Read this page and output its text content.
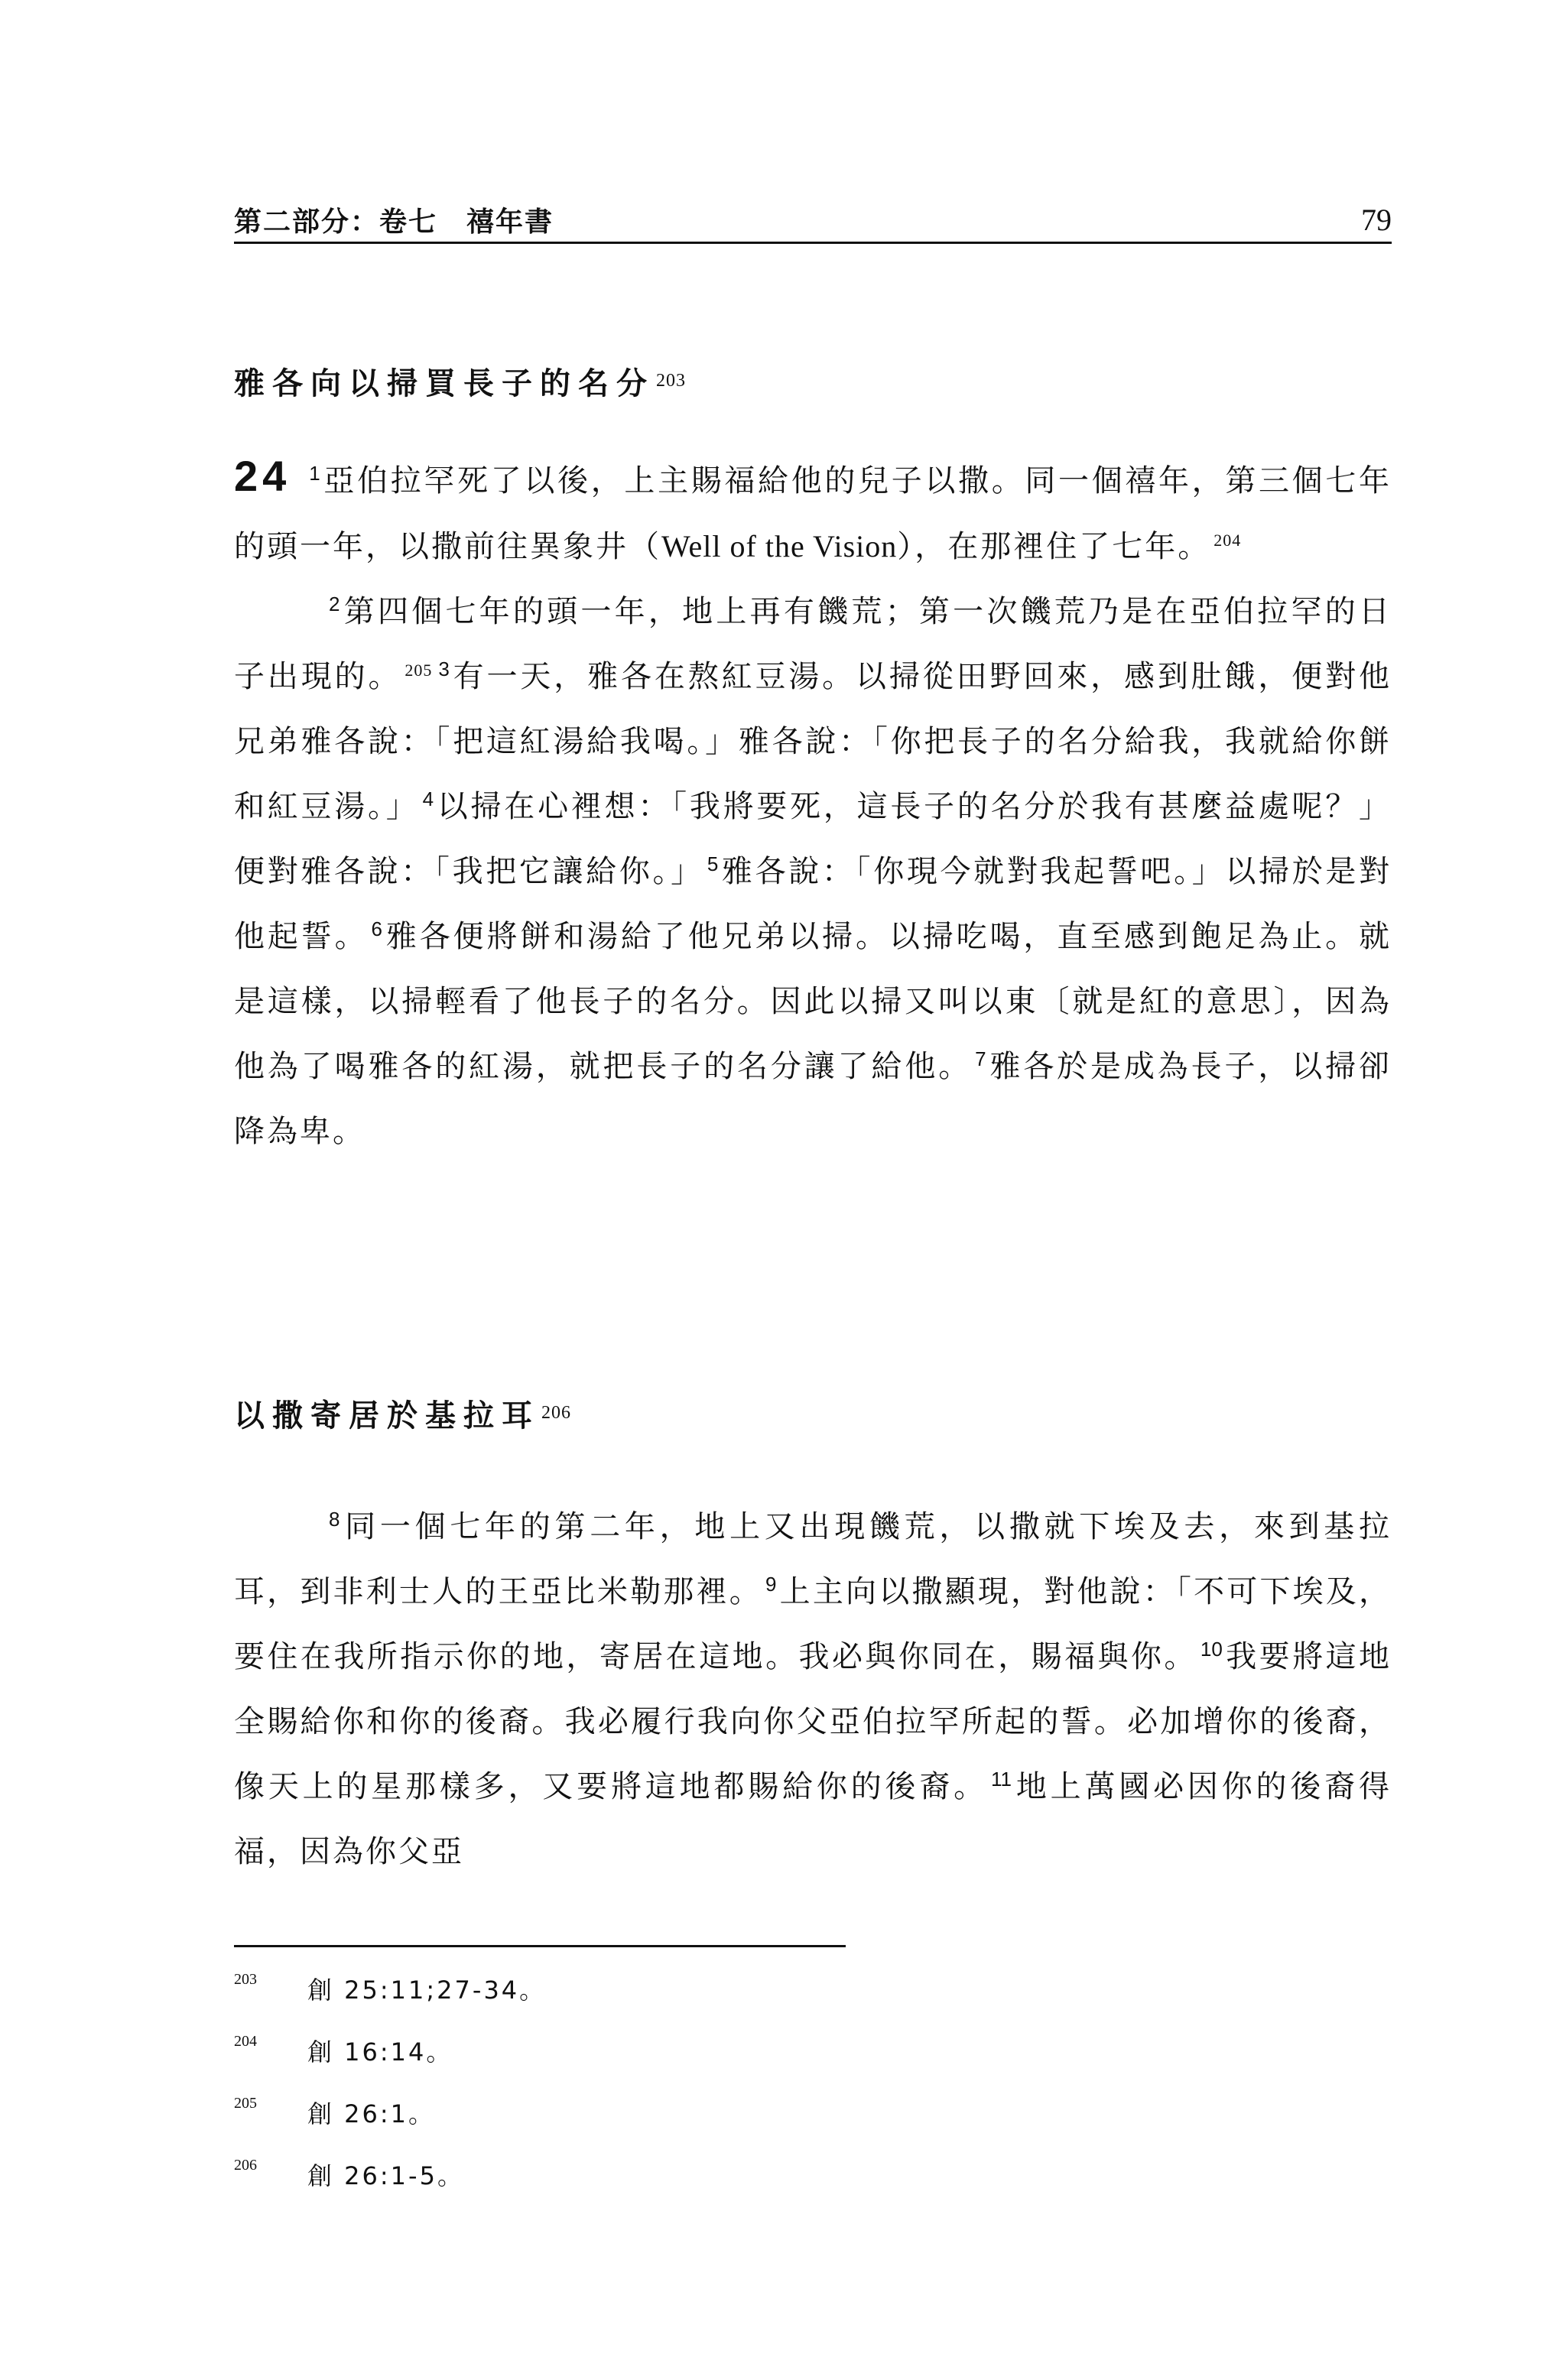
第二部分：卷七 禧年書	79
雅各向以掃買長子的名分$^{203}$

24 $^1$ 亞伯拉罕死了以後，上主賜福給他的兒子以撒。同一個禧年，第三個七年的頭一年，以撒前往異象井（Well of the Vision），在那裡住了七年。 $^{204}$

$^2$ 第四個七年的頭一年，地上再有饑荒；第一次饑荒乃是在亞伯拉罕的日子出現的。 $^{205}$ $^3$ 有一天，雅各在熬紅豆湯。以掃從田野回來，感到肚餓，便對他兄弟雅各說：「把這紅湯給我喝。」雅各說：「你把長子的名分給我，我就給你餅和紅豆湯。」 $^4$ 以掃在心裡想：「我將要死，這長子的名分於我有甚麼益處呢？」便對雅各說：「我把它讓給你。」 $^5$ 雅各說：「你現今就對我起誓吧。」以掃於是對他起誓。 $^6$ 雅各便將餅和湯給了他兄弟以掃。以掃吃喝，直至感到飽足為止。就是這樣，以掃輕看了他長子的名分。因此以掃又叫以東〔就是紅的意思〕，因為他為了喝雅各的紅湯，就把長子的名分讓了給他。 $^7$ 雅各於是成為長子，以掃卻降為卑。

以撒寄居於基拉耳$^{206}$

$^8$ 同一個七年的第二年，地上又出現饑荒，以撒就下埃及去，來到基拉耳，到非利士人的王亞比米勒那裡。 $^9$ 上主向以撒顯現，對他說：「不可下埃及，要住在我所指示你的地，寄居在這地。我必與你同在，賜福與你。 $^{10}$ 我要將這地全賜給你和你的後裔。我必履行我向你父亞伯拉罕所起的誓。必加增你的後裔，像天上的星那樣多，又要將這地都賜給你的後裔。 $^{11}$ 地上萬國必因你的後裔得福，因為你父亞

203 創 25:11;27-34。
204 創 16:14。
205 創 26:1。
206 創 26:1-5。
